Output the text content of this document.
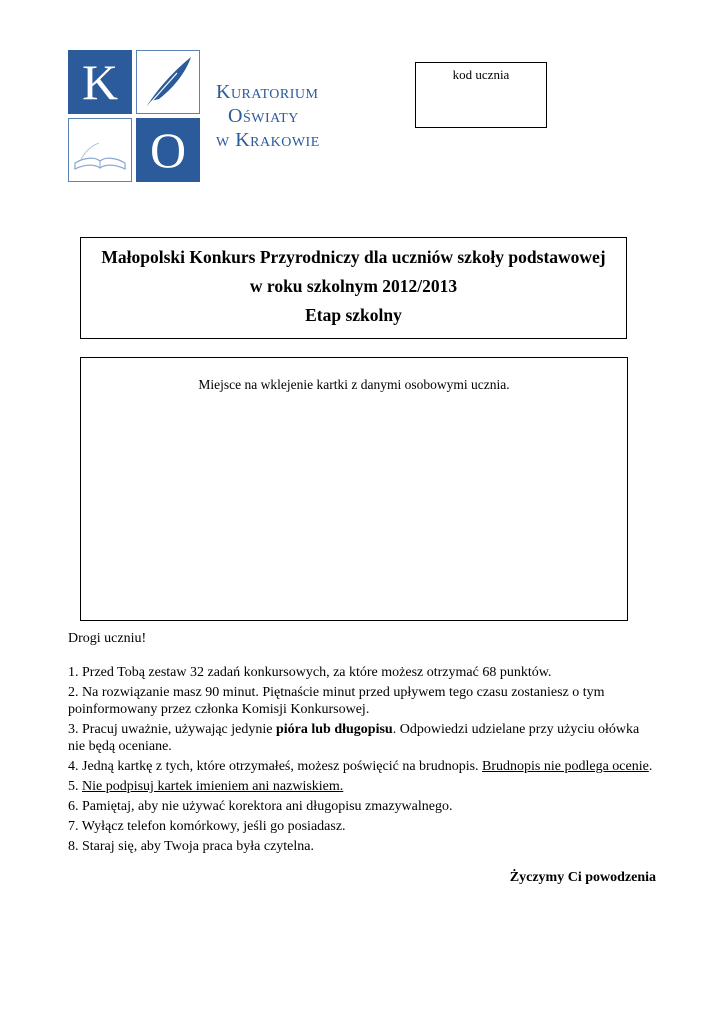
K
O
Kuratorium
Oświaty
w Krakowie
kod ucznia
Małopolski Konkurs Przyrodniczy dla uczniów szkoły podstawowej
w roku szkolnym 2012/2013
Etap szkolny
Miejsce na wklejenie kartki z danymi osobowymi ucznia.
Drogi uczniu!

1. Przed Tobą zestaw 32 zadań konkursowych, za które możesz otrzymać 68 punktów.

2. Na rozwiązanie masz 90 minut. Piętnaście minut przed upływem tego czasu zostaniesz o tym poinformowany przez członka Komisji Konkursowej.

3. Pracuj uważnie, używając jedynie pióra lub długopisu. Odpowiedzi udzielane przy użyciu ołówka nie będą oceniane.

4. Jedną kartkę z tych, które otrzymałeś, możesz poświęcić na brudnopis. Brudnopis nie podlega ocenie.

5. Nie podpisuj kartek imieniem ani nazwiskiem.

6. Pamiętaj, aby nie używać korektora ani długopisu zmazywalnego.

7. Wyłącz telefon komórkowy, jeśli go posiadasz.

8. Staraj się, aby Twoja praca była czytelna.

Życzymy Ci powodzenia
